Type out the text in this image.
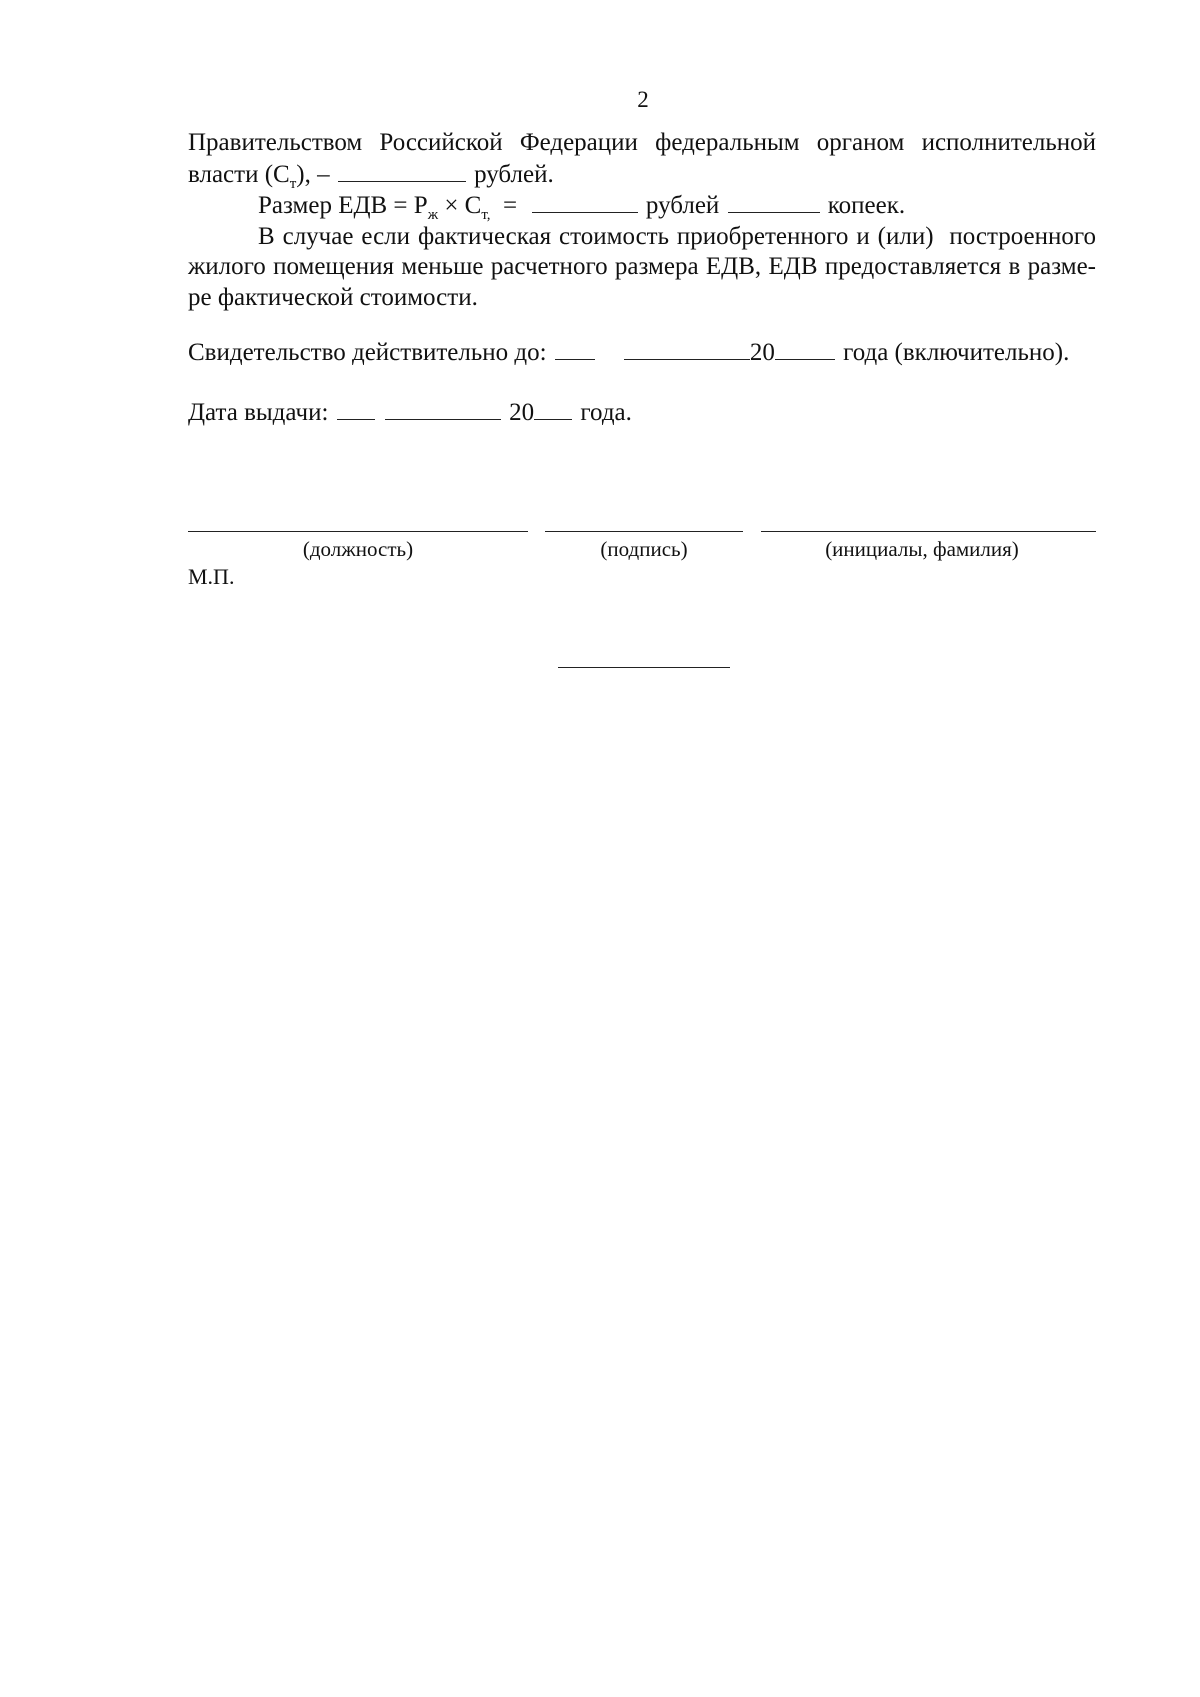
2

Правительством Российской Федерации федеральным органом исполнительной

власти $(С_т)$, –	рублей.

Размер ЕДВ = $Р_ж \times С_{т,}$  =	рублей	копеек.

В случае если фактическая стоимость приобретенного и (или)  построенного

жилого помещения меньше расчетного размера ЕДВ, ЕДВ предоставляется в разме-

ре фактической стоимости.

Свидетельство действительно до:	20	года (включительно).

Дата выдачи:	20 года.

(должность)	(подпись)	(инициалы, фамилия)
М.П.
